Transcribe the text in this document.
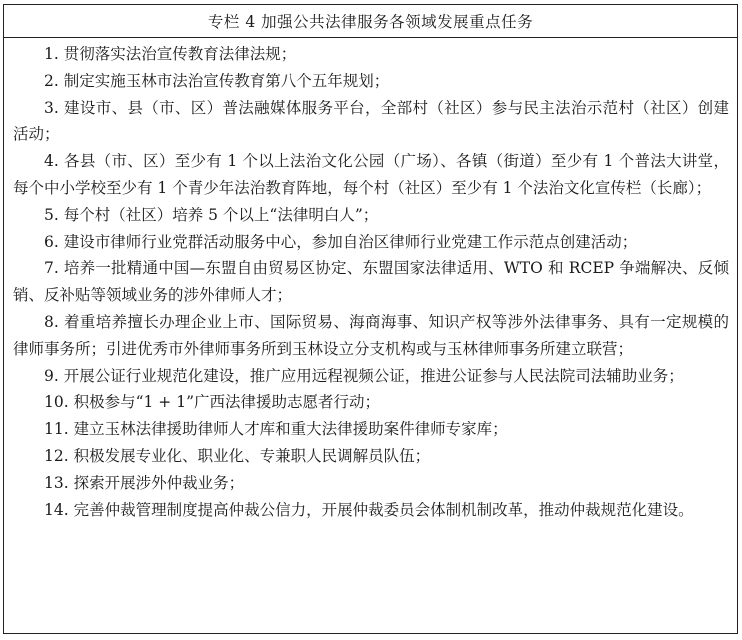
专栏 4 加强公共法律服务各领域发展重点任务

1. 贯彻落实法治宣传教育法律法规；

2. 制定实施玉林市法治宣传教育第八个五年规划；

3. 建设市、县（市、区）普法融媒体服务平台，全部村（社区）参与民主法治示范村（社区）创建活动；

4. 各县（市、区）至少有 1 个以上法治文化公园（广场）、各镇（街道）至少有 1 个普法大讲堂，每个中小学校至少有 1 个青少年法治教育阵地，每个村（社区）至少有 1 个法治文化宣传栏（长廊）；

5. 每个村（社区）培养 5 个以上“法律明白人”；

6. 建设市律师行业党群活动服务中心，参加自治区律师行业党建工作示范点创建活动；

7. 培养一批精通中国—东盟自由贸易区协定、东盟国家法律适用、WTO 和 RCEP 争端解决、反倾销、反补贴等领域业务的涉外律师人才；

8. 着重培养擅长办理企业上市、国际贸易、海商海事、知识产权等涉外法律事务、具有一定规模的律师事务所；引进优秀市外律师事务所到玉林设立分支机构或与玉林律师事务所建立联营；

9. 开展公证行业规范化建设，推广应用远程视频公证，推进公证参与人民法院司法辅助业务；

10. 积极参与“1 + 1”广西法律援助志愿者行动；

11. 建立玉林法律援助律师人才库和重大法律援助案件律师专家库；

12. 积极发展专业化、职业化、专兼职人民调解员队伍；

13. 探索开展涉外仲裁业务；

14. 完善仲裁管理制度提高仲裁公信力，开展仲裁委员会体制机制改革，推动仲裁规范化建设。
